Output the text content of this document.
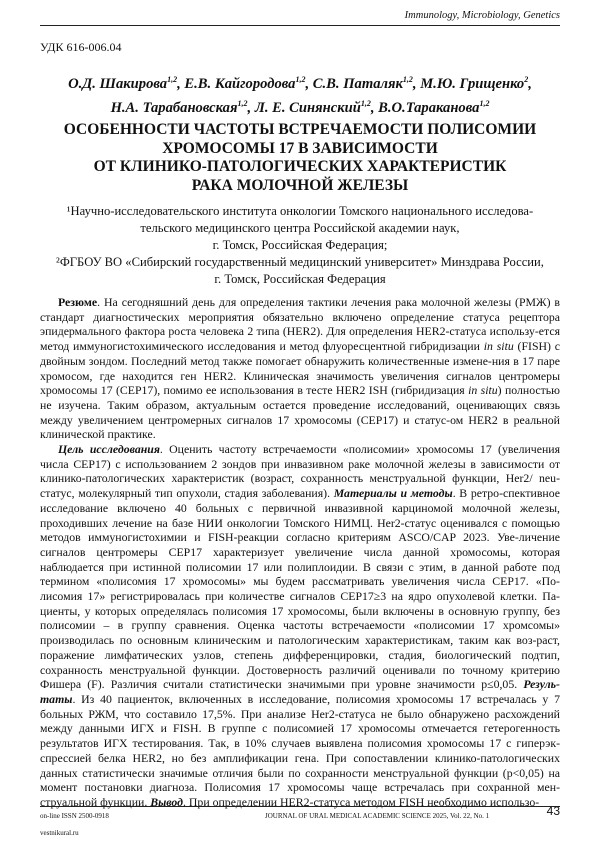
Immunology, Microbiology, Genetics
УДК 616-006.04
О.Д. Шакирова1,2, Е.В. Кайгородова1,2, С.В. Паталяк1,2, М.Ю. Грищенко2,
Н.А. Тарабановская1,2, Л. Е. Синянский1,2, В.О.Тараканова1,2
ОСОБЕННОСТИ ЧАСТОТЫ ВСТРЕЧАЕМОСТИ ПОЛИСОМИИ
ХРОМОСОМЫ 17 В ЗАВИСИМОСТИ
ОТ КЛИНИКО-ПАТОЛОГИЧЕСКИХ ХАРАКТЕРИСТИК
РАКА МОЛОЧНОЙ ЖЕЛЕЗЫ

¹Научно-исследовательского института онкологии Томского национального исследова-
тельского медицинского центра Российской академии наук,
г. Томск, Российская Федерация;

²ФГБОУ ВО «Сибирский государственный медицинский университет» Минздрава России,
г. Томск, Российская Федерация

Резюме. На сегодняшний день для определения тактики лечения рака молочной железы (РМЖ) в стандарт диагностических мероприятия обязательно включено определение статуса рецептора эпидермального фактора роста человека 2 типа (HER2). Для определения HER2-статуса использу-ется метод иммуногистохимического исследования и метод флуоресцентной гибридизации in situ (FISH) с двойным зондом. Последний метод также помогает обнаружить количественные измене-ния в 17 паре хромосом, где находится ген HER2. Клиническая значимость увеличения сигналов центромеры хромосомы 17 (CEP17), помимо ее использования в тесте HER2 ISH (гибридизация in situ) полностью не изучена. Таким образом, актуальным остается проведение исследований, оценивающих связь между увеличением центромерных сигналов 17 хромосомы (CEP17) и статус-ом HER2 в реальной клинической практике.

Цель исследования. Оценить частоту встречаемости «полисомии» хромосомы 17 (увеличения числа CEP17) с использованием 2 зондов при инвазивном раке молочной железы в зависимости от клинико-патологических характеристик (возраст, сохранность менструальной функции, Her2/ neu-статус, молекулярный тип опухоли, стадия заболевания). Материалы и методы. В ретро-спективное исследование включено 40 больных с первичной инвазивной карциномой молочной железы, проходивших лечение на базе НИИ онкологии Томского НИМЦ. Her2-статус оценивался с помощью методов иммуногистохимии и FISH-реакции согласно критериям ASCO/CAP 2023. Уве-личение сигналов центромеры CEP17 характеризует увеличение числа данной хромосомы, которая наблюдается при истинной полисомии 17 или полиплоидии. В связи с этим, в данной работе под термином «полисомия 17 хромосомы» мы будем рассматривать увеличения числа CEP17. «По-лисомия 17» регистрировалась при количестве сигналов CEP17≥3 на ядро опухолевой клетки. Па-циенты, у которых определялась полисомия 17 хромосомы, были включены в основную группу, без полисомии – в группу сравнения. Оценка частоты встречаемости «полисомии 17 хромсомы» производилась по основным клиническим и патологическим характеристикам, таким как воз-раст, поражение лимфатических узлов, степень дифференцировки, стадия, биологический подтип, сохранность менструальной функции. Достоверность различий оценивали по точному критерию Фишера (F). Различия считали статистически значимыми при уровне значимости p≤0,05. Резуль-таты. Из 40 пациенток, включенных в исследование, полисомия хромосомы 17 встречалась у 7 больных РЖМ, что составило 17,5%. При анализе Her2-статуса не было обнаружено расхождений между данными ИГХ и FISH. В группе с полисомией 17 хромосомы отмечается гетерогенность результатов ИГХ тестирования. Так, в 10% случаев выявлена полисомия хромосомы 17 с гиперэк-спрессией белка HER2, но без амплификации гена. При сопоставлении клинико-патологических данных статистически значимые отличия были по сохранности менструальной функции (p<0,05) на момент постановки диагноза. Полисомия 17 хромосомы чаще встречалась при сохранной мен-струальной функции. Вывод. При определении HER2-статуса методом FISH необходимо использо-

on-line ISSN 2500-0918
vestnikural.ru
JOURNAL OF URAL MEDICAL ACADEMIC SCIENCE 2025, Vol. 22, No. 1	43
